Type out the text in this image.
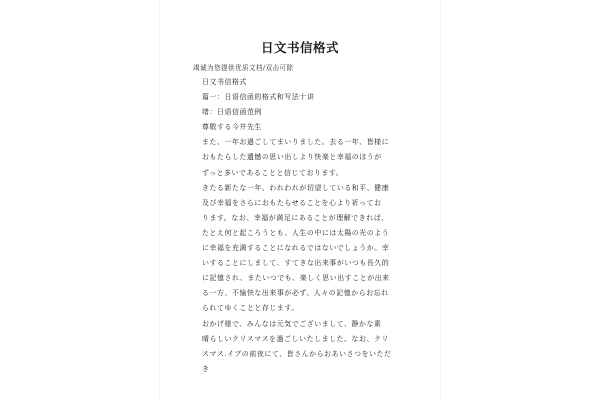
日文书信格式
竭诚为您提供优质文档/双击可除
日文书信格式
篇一：日语信函的格式和写法十讲
绪：日语信函范例
尊敬する今井先生
また、一年お過ごしてまいりました。去る一年、皆様に
おもたらした遺憾の思い出しより快楽と幸福のほうが
ずっと多いであることと信じております。
きたる新たな一年、われわれが切望している和平、健康
及び幸福をさらにおもたらせることを心より祈ってお
ります。なお、幸福が満足にあることが理解できれば、
たとえ何と起ころうとも、人生の中には太陽の光のよう
に幸福を充満することになれるではないでしょうか。幸
いすることにしまして、すてきな出来事がいつも長久的
に記憶され、またいつでも、楽しく思い出すことが出来
る一方、不愉快な出来事が必ず、人々の記憶からお忘れ
られてゆくことと存じます。
おかげ様で、みんなは元気でございまして、静かな素
晴らしいクリスマスを過ごしいたしました。なお、クリ
スマス.イブの前夜にて、皆さんからおあいさつをいただ
き
